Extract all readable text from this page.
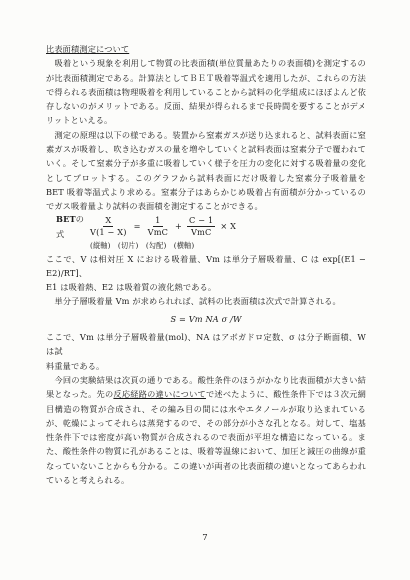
比表面積測定について

吸着という現象を利用して物質の比表面積(単位質量あたりの表面積)を測定するのが比表面積測定である。計算法としてＢＥＴ吸着等温式を適用したが、これらの方法で得られる表面積は物理吸着を利用していることから試料の化学組成にほぼよんど依存しないのがメリットである。反面、結果が得られるまで長時間を要することがデメリットといえる。

測定の原理は以下の様である。装置から窒素ガスが送り込まれると、試料表面に窒素ガスが吸着し、吹き込むガスの量を増やしていくと試料表面は窒素分子で覆われていく。そして窒素分子が多重に吸着していく様子を圧力の変化に対する吸着量の変化としてプロットする。このグラフから試料表面にだけ吸着した窒素分子吸着量を BET 吸着等温式より求める。窒素分子はあらかじめ吸着占有面積が分かっているのでガス吸着量より試料の表面積を測定することができる。

BETの式	$\frac{X}{V(1 - X)} = \frac{1}{\text{VmC}} + \frac{C - 1}{\text{VmC}} \times X$
(縦軸)　(切片)　(勾配)　(横軸)

ここで、V は相対圧 X における吸着量、Vm は単分子層吸着量、C は exp[(E1 − E2)/RT]、

E1 は吸着熱、E2 は吸着質の液化熱である。

単分子層吸着量 Vm が求められれば、試料の比表面積は次式で計算される。

S = Vm NA σ /W

ここで、Vm は単分子層吸着量(mol)、NA はアボガドロ定数、σ は分子断面積、W は試

料重量である。

今回の実験結果は次頁の通りである。酸性条件のほうがかなり比表面積が大きい結果となった。先の反応経路の違いについてで述べたように、酸性条件下では３次元網目構造の物質が合成され、その編み目の間には水やエタノールが取り込まれているが、乾燥によってそれらは蒸発するので、その部分が小さな孔となる。対して、塩基性条件下では密度が高い物質が合成されるので表面が平坦な構造になっている。また、酸性条件の物質に孔があることは、吸着等温線において、加圧と減圧の曲線が重なっていないことからも分かる。この違いが両者の比表面積の違いとなってあらわれていると考えられる。

7
